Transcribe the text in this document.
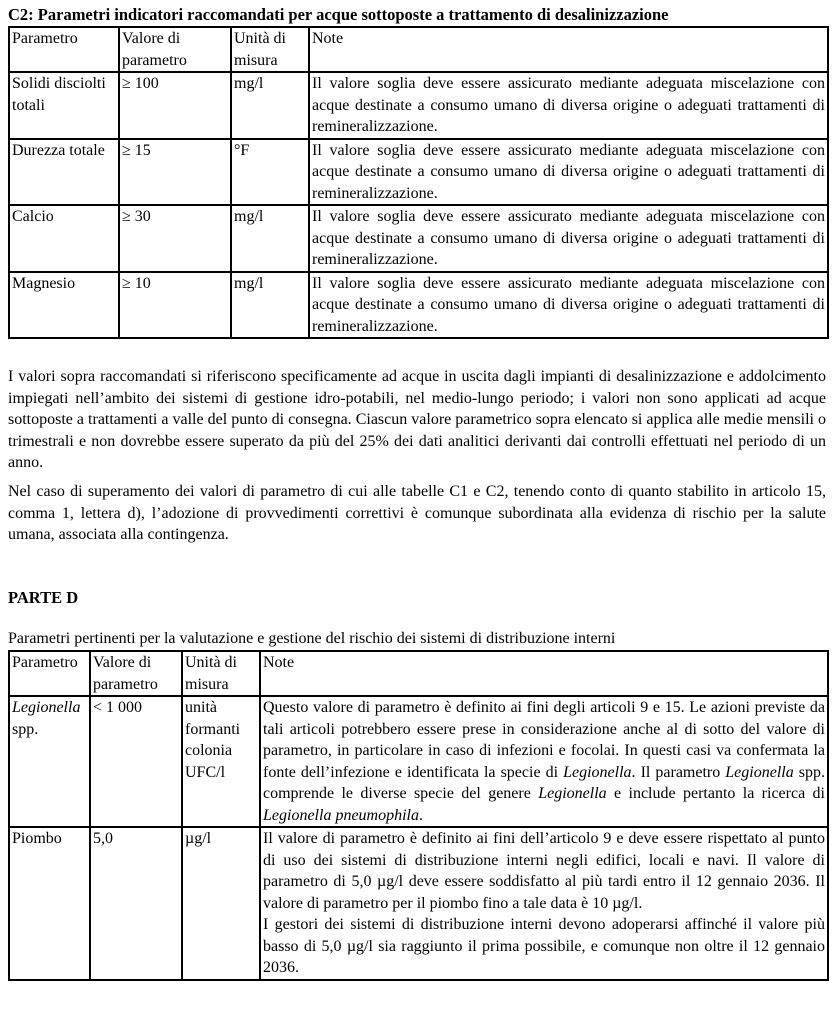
C2: Parametri indicatori raccomandati per acque sottoposte a trattamento di desalinizzazione
Parametro	Valore di parametro	Unità di misura	Note
Solidi disciolti totali	≥ 100	mg/l	Il valore soglia deve essere assicurato mediante adeguata miscelazione con acque destinate a consumo umano di diversa origine o adeguati trattamenti di remineralizzazione.
Durezza totale	≥ 15	°F	Il valore soglia deve essere assicurato mediante adeguata miscelazione con acque destinate a consumo umano di diversa origine o adeguati trattamenti di remineralizzazione.
Calcio	≥ 30	mg/l	Il valore soglia deve essere assicurato mediante adeguata miscelazione con acque destinate a consumo umano di diversa origine o adeguati trattamenti di remineralizzazione.
Magnesio	≥ 10	mg/l	Il valore soglia deve essere assicurato mediante adeguata miscelazione con acque destinate a consumo umano di diversa origine o adeguati trattamenti di remineralizzazione.

I valori sopra raccomandati si riferiscono specificamente ad acque in uscita dagli impianti di desalinizzazione e addolcimento impiegati nell’ambito dei sistemi di gestione idro-potabili, nel medio-lungo periodo; i valori non sono applicati ad acque sottoposte a trattamenti a valle del punto di consegna. Ciascun valore parametrico sopra elencato si applica alle medie mensili o trimestrali e non dovrebbe essere superato da più del 25% dei dati analitici derivanti dai controlli effettuati nel periodo di un anno.

Nel caso di superamento dei valori di parametro di cui alle tabelle C1 e C2, tenendo conto di quanto stabilito in articolo 15, comma 1, lettera d), l’adozione di provvedimenti correttivi è comunque subordinata alla evidenza di rischio per la salute umana, associata alla contingenza.

PARTE D
Parametri pertinenti per la valutazione e gestione del rischio dei sistemi di distribuzione interni
Parametro	Valore di parametro	Unità di misura	Note
Legionella spp.	< 1 000	unità formanti colonia UFC/l	Questo valore di parametro è definito ai fini degli articoli 9 e 15. Le azioni previste da tali articoli potrebbero essere prese in considerazione anche al di sotto del valore di parametro, in particolare in caso di infezioni e focolai. In questi casi va confermata la fonte dell’infezione e identificata la specie di Legionella. Il parametro Legionella spp. comprende le diverse specie del genere Legionella e include pertanto la ricerca di Legionella pneumophila.
Piombo	5,0	µg/l	Il valore di parametro è definito ai fini dell’articolo 9 e deve essere rispettato al punto di uso dei sistemi di distribuzione interni negli edifici, locali e navi. Il valore di parametro di 5,0 µg/l deve essere soddisfatto al più tardi entro il 12 gennaio 2036. Il valore di parametro per il piombo fino a tale data è 10 µg/l.
I gestori dei sistemi di distribuzione interni devono adoperarsi affinché il valore più basso di 5,0 µg/l sia raggiunto il prima possibile, e comunque non oltre il 12 gennaio 2036.
